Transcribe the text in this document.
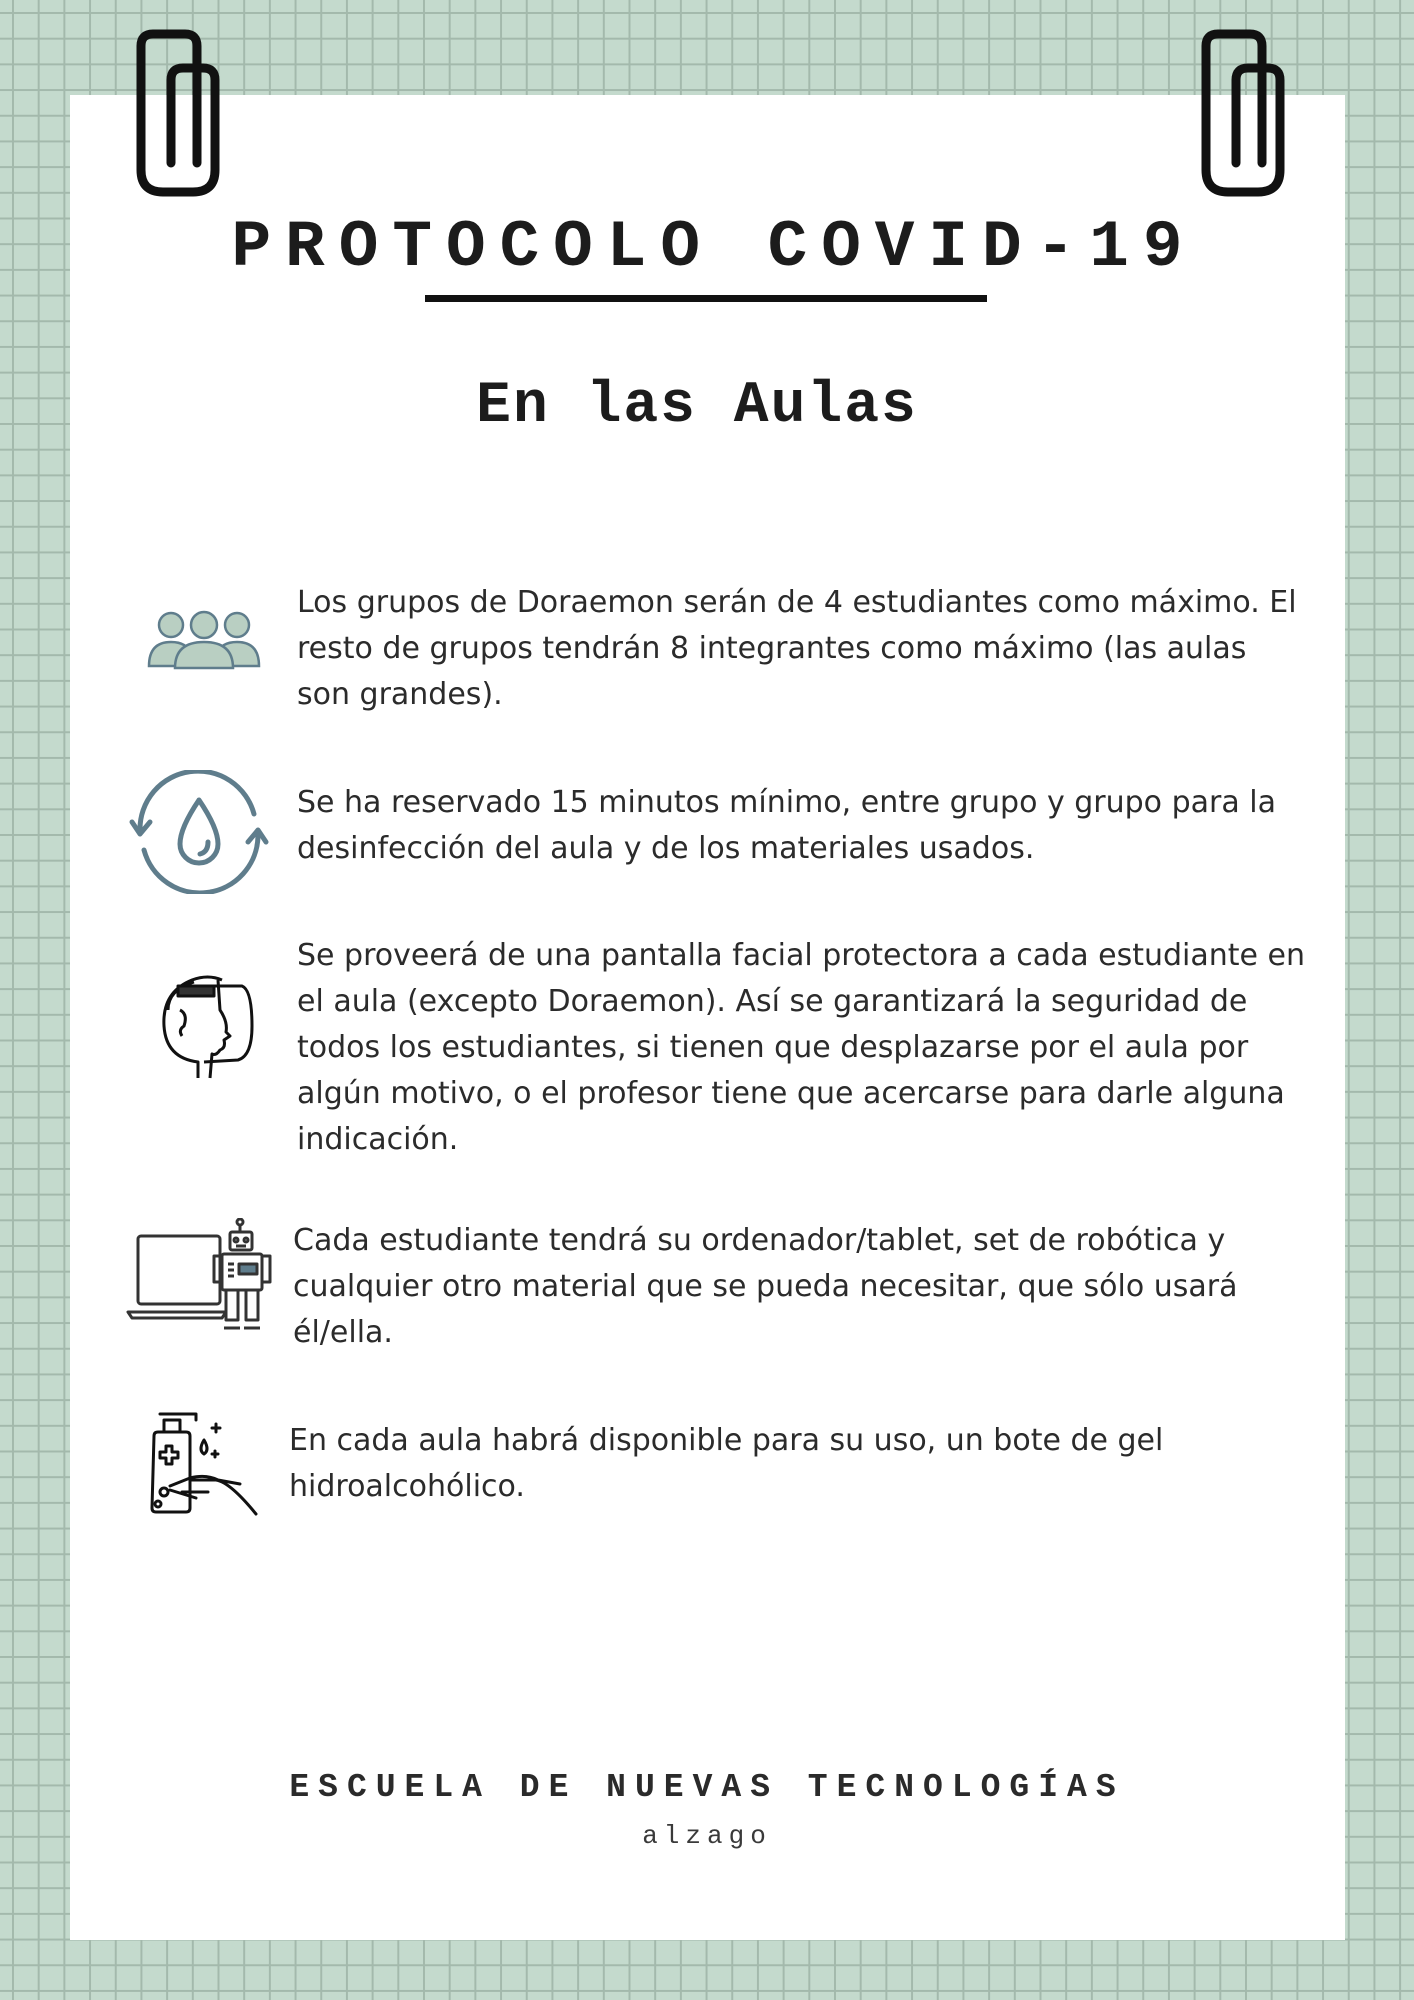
PROTOCOLO COVID-19
En las Aulas

Los grupos de Doraemon serán de 4 estudiantes como máximo. El resto de grupos tendrán 8 integrantes como máximo (las aulas son grandes).

Se ha reservado 15 minutos mínimo, entre grupo y grupo para la desinfección del aula y de los materiales usados.

Se proveerá de una pantalla facial protectora a cada estudiante en el aula (excepto Doraemon). Así se garantizará la seguridad de todos los estudiantes, si tienen que desplazarse por el aula por algún motivo, o el profesor tiene que acercarse para darle alguna indicación.

Cada estudiante tendrá su ordenador/tablet, set de robótica y cualquier otro material que se pueda necesitar, que sólo usará él/ella.

En cada aula habrá disponible para su uso, un bote de gel hidroalcohólico.

ESCUELA DE NUEVAS TECNOLOGÍAS
alzago
